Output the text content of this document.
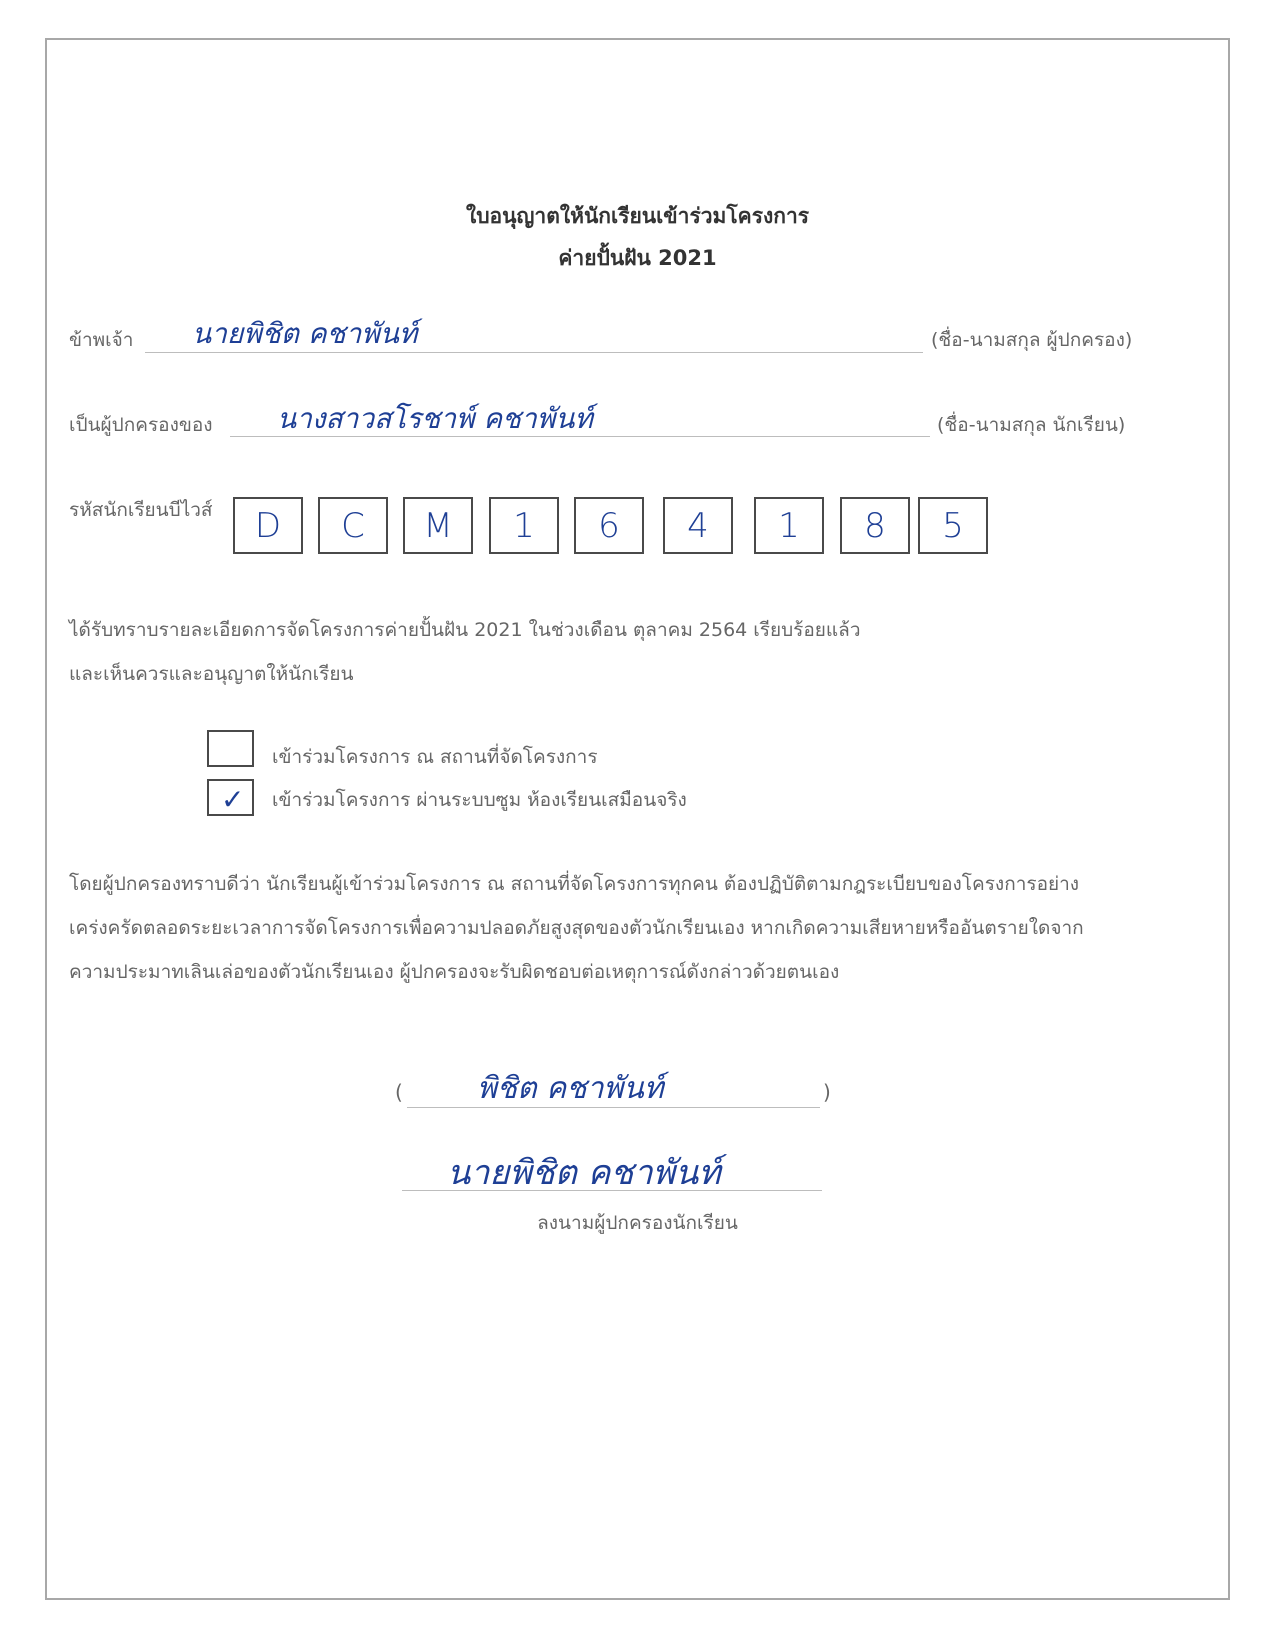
ใบอนุญาตให้นักเรียนเข้าร่วมโครงการ
ค่ายปั้นฝัน 2021
ข้าพเจ้า นายพิชิต คชาพันท์	(ชื่อ-นามสกุล ผู้ปกครอง)
เป็นผู้ปกครองของ นางสาวสโรชาพ์ คชาพันท์	(ชื่อ-นามสกุล นักเรียน)
รหัสนักเรียนบีไวส์ D C M 1 6 4 1 8 5
ได้รับทราบรายละเอียดการจัดโครงการค่ายปั้นฝัน 2021 ในช่วงเดือน ตุลาคม 2564 เรียบร้อยแล้ว
และเห็นควรและอนุญาตให้นักเรียน
เข้าร่วมโครงการ ณ สถานที่จัดโครงการ
✓ เข้าร่วมโครงการ ผ่านระบบซูม ห้องเรียนเสมือนจริง
โดยผู้ปกครองทราบดีว่า นักเรียนผู้เข้าร่วมโครงการ ณ สถานที่จัดโครงการทุกคน ต้องปฏิบัติตามกฎระเบียบของโครงการอย่าง
เคร่งครัดตลอดระยะเวลาการจัดโครงการเพื่อความปลอดภัยสูงสุดของตัวนักเรียนเอง หากเกิดความเสียหายหรืออันตรายใดจาก
ความประมาทเลินเล่อของตัวนักเรียนเอง ผู้ปกครองจะรับผิดชอบต่อเหตุการณ์ดังกล่าวด้วยตนเอง
( พิชิต คชาพันท์	)
นายพิชิต คชาพันท์
ลงนามผู้ปกครองนักเรียน
